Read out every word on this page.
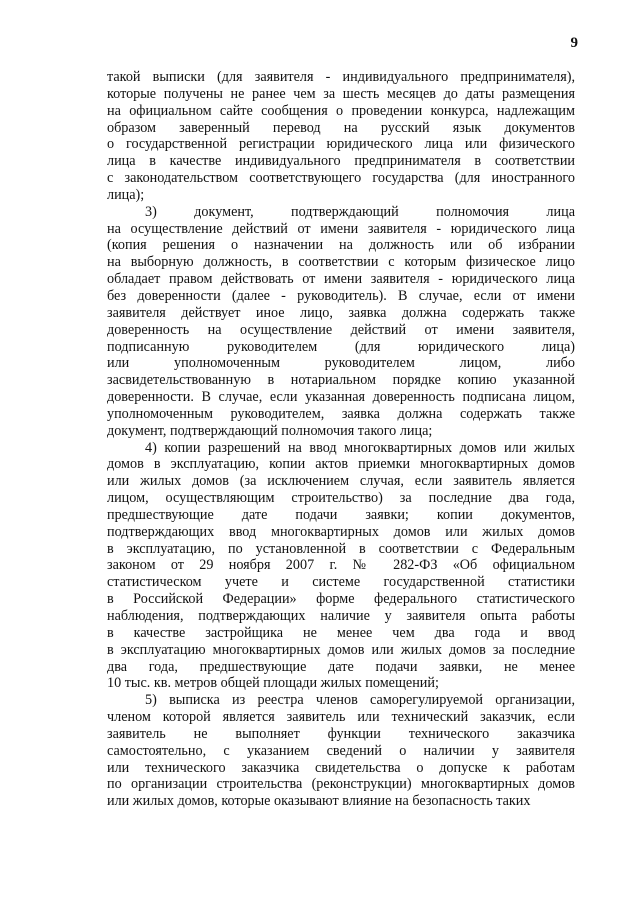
9
такой выписки (для заявителя - индивидуального предпринимателя),
которые получены не ранее чем за шесть месяцев до даты размещения
на официальном сайте сообщения о проведении конкурса, надлежащим
образом заверенный перевод на русский язык документов
о государственной регистрации юридического лица или физического
лица в качестве индивидуального предпринимателя в соответствии
с законодательством соответствующего государства (для иностранного
лица);
3) документ, подтверждающий полномочия лица
на осуществление действий от имени заявителя - юридического лица
(копия решения о назначении на должность или об избрании
на выборную должность, в соответствии с которым физическое лицо
обладает правом действовать от имени заявителя - юридического лица
без доверенности (далее - руководитель). В случае, если от имени
заявителя действует иное лицо, заявка должна содержать также
доверенность на осуществление действий от имени заявителя,
подписанную руководителем (для юридического лица)
или уполномоченным руководителем лицом, либо
засвидетельствованную в нотариальном порядке копию указанной
доверенности. В случае, если указанная доверенность подписана лицом,
уполномоченным руководителем, заявка должна содержать также
документ, подтверждающий полномочия такого лица;
4) копии разрешений на ввод многоквартирных домов или жилых
домов в эксплуатацию, копии актов приемки многоквартирных домов
или жилых домов (за исключением случая, если заявитель является
лицом, осуществляющим строительство) за последние два года,
предшествующие дате подачи заявки; копии документов,
подтверждающих ввод многоквартирных домов или жилых домов
в эксплуатацию, по установленной в соответствии с Федеральным
законом от 29 ноября 2007 г. № 282-ФЗ «Об официальном
статистическом учете и системе государственной статистики
в Российской Федерации» форме федерального статистического
наблюдения, подтверждающих наличие у заявителя опыта работы
в качестве застройщика не менее чем два года и ввод
в эксплуатацию многоквартирных домов или жилых домов за последние
два года, предшествующие дате подачи заявки, не менее
10 тыс. кв. метров общей площади жилых помещений;
5) выписка из реестра членов саморегулируемой организации,
членом которой является заявитель или технический заказчик, если
заявитель не выполняет функции технического заказчика
самостоятельно, с указанием сведений о наличии у заявителя
или технического заказчика свидетельства о допуске к работам
по организации строительства (реконструкции) многоквартирных домов
или жилых домов, которые оказывают влияние на безопасность таких
